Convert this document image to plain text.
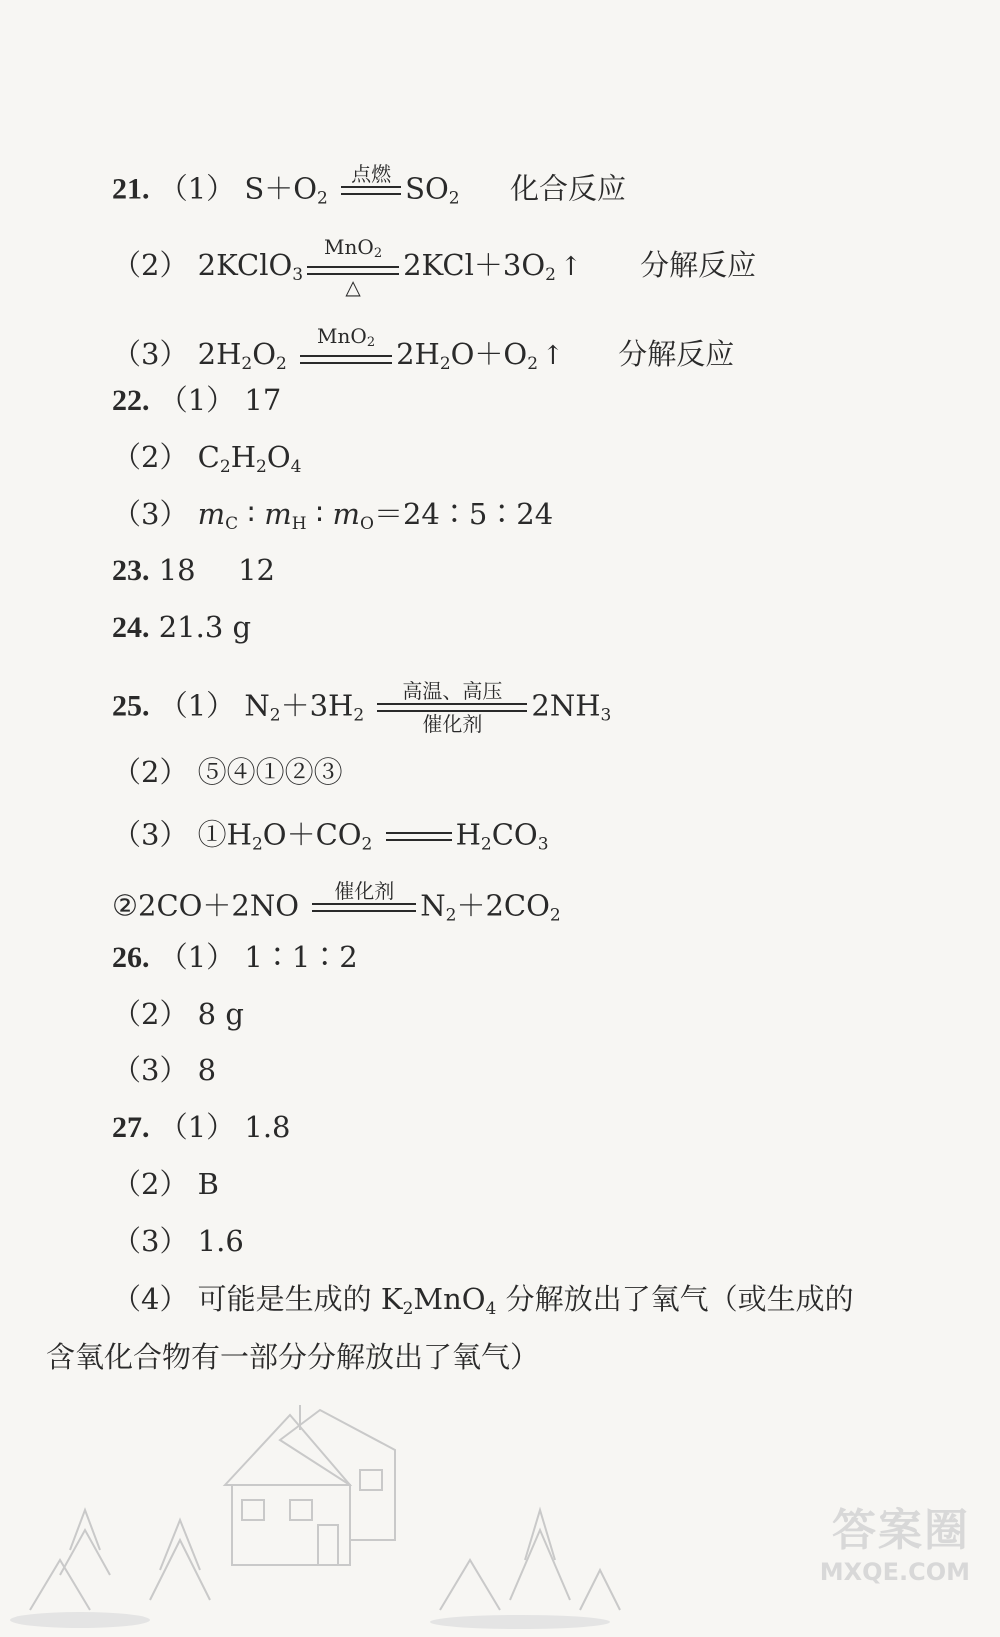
21. （1） $S+O_2$
点燃 $SO_2$ 化合反应
（2） 2KClO$_3$
MnO$_2$
△
$2KCl+3O_2$ ↑ 分解反应
（3） $2H_2O_2$
MnO$_2$ $2H_2O+O_2$ ↑ 分解反应
22. （1） 17
（2） $C_2H_2O_4$
（3） $m_C$ ∶ $m_H$ ∶ $m_O=24∶5∶24$
23. 18 12
24. 21.3 g
25. （1） $N_2+3H_2$
高温、高压
催化剂
$2NH_3$
（2） ⑤④①②③
（3） $①H_2O+CO_2$	$H_2CO_3$
②2CO＋2NO	催化剂 $N_2+2CO_2$
26. （1） 1∶1∶2
（2） 8 g
（3） 8
27. （1） 1.8
（2） B
（3） 1.6
（4） 可能是生成的 $K_2MnO_4$ 分解放出了氧气（或生成的
含氧化合物有一部分分解放出了氧气）
答案圈
MXQE.COM
